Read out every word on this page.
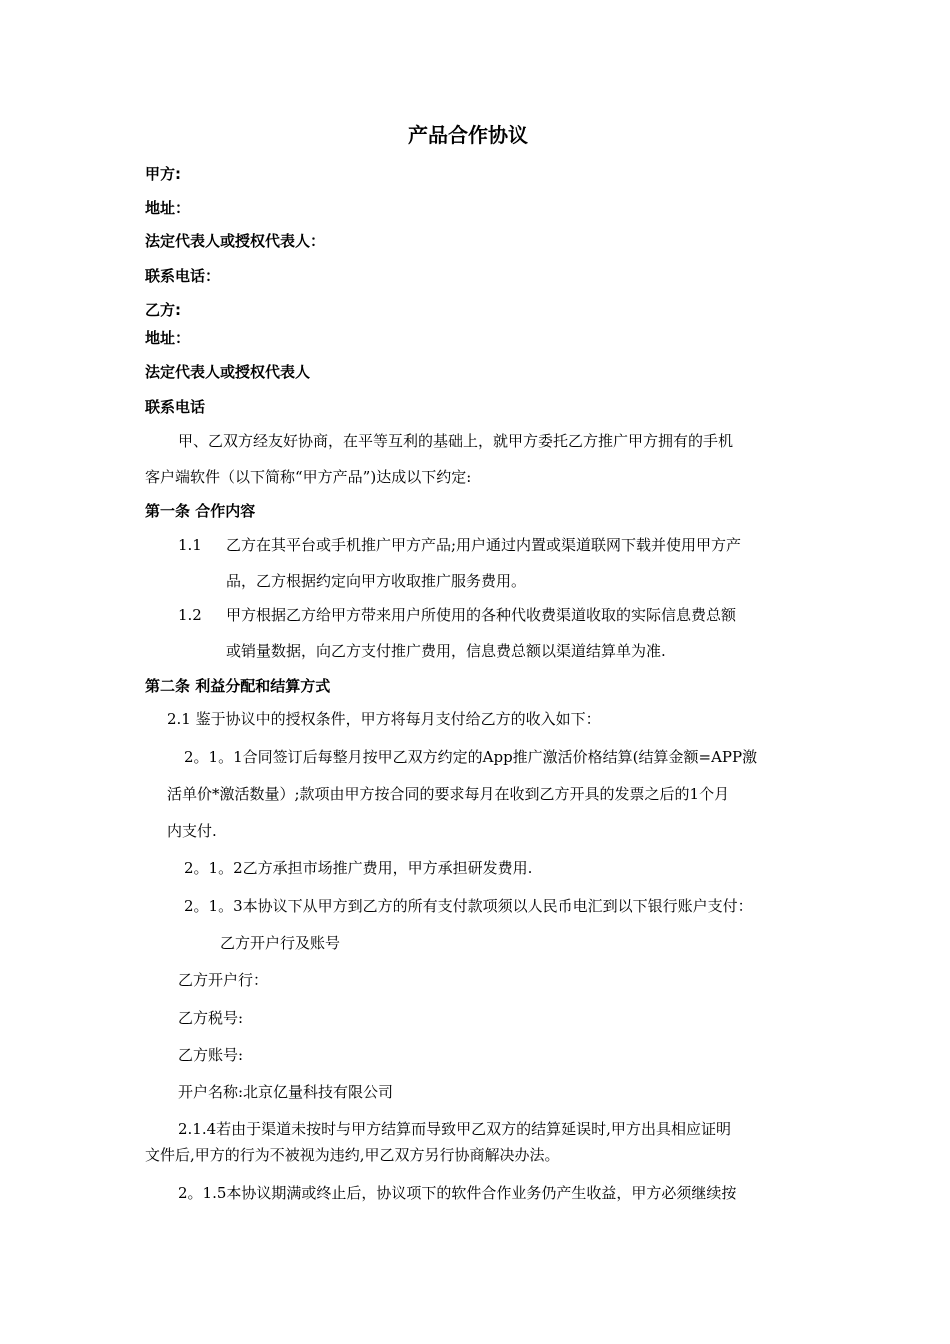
产品合作协议
甲方:
地址：
法定代表人或授权代表人：
联系电话：
乙方:
地址：
法定代表人或授权代表人
联系电话
甲、乙双方经友好协商，在平等互利的基础上，就甲方委托乙方推广甲方拥有的手机
客户端软件（以下简称“甲方产品”)达成以下约定:
第一条 合作内容
1.1 乙方在其平台或手机推广甲方产品;用户通过内置或渠道联网下载并使用甲方产
品，乙方根据约定向甲方收取推广服务费用。
1.2 甲方根据乙方给甲方带来用户所使用的各种代收费渠道收取的实际信息费总额
或销量数据，向乙方支付推广费用，信息费总额以渠道结算单为准.
第二条 利益分配和结算方式
2.1 鉴于协议中的授权条件，甲方将每月支付给乙方的收入如下：
2。1。1合同签订后每整月按甲乙双方约定的App推广激活价格结算(结算金额=APP激
活单价*激活数量）;款项由甲方按合同的要求每月在收到乙方开具的发票之后的1个月
内支付.
2。1。2乙方承担市场推广费用，甲方承担研发费用.
2。1。3本协议下从甲方到乙方的所有支付款项须以人民币电汇到以下银行账户支付：
乙方开户行及账号
乙方开户行：
乙方税号:
乙方账号:
开户名称:北京亿量科技有限公司
2.1.4若由于渠道未按时与甲方结算而导致甲乙双方的结算延误时,甲方出具相应证明
文件后,甲方的行为不被视为违约,甲乙双方另行协商解决办法。
2。1.5本协议期满或终止后，协议项下的软件合作业务仍产生收益，甲方必须继续按
